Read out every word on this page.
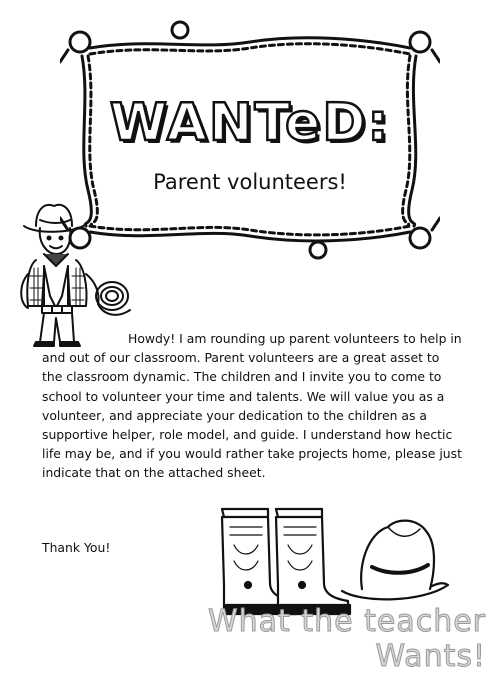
WANTeD:
Parent volunteers!

Howdy! I am rounding up parent volunteers to help in and out of our classroom. Parent volunteers are a great asset to the classroom dynamic. The children and I invite you to come to school to volunteer your time and talents. We will value you as a volunteer, and appreciate your dedication to the children as a supportive helper, role model, and guide. I understand how hectic life may be, and if you would rather take projects home, please just indicate that on the attached sheet.

Thank You!
What the teacher Wants!
